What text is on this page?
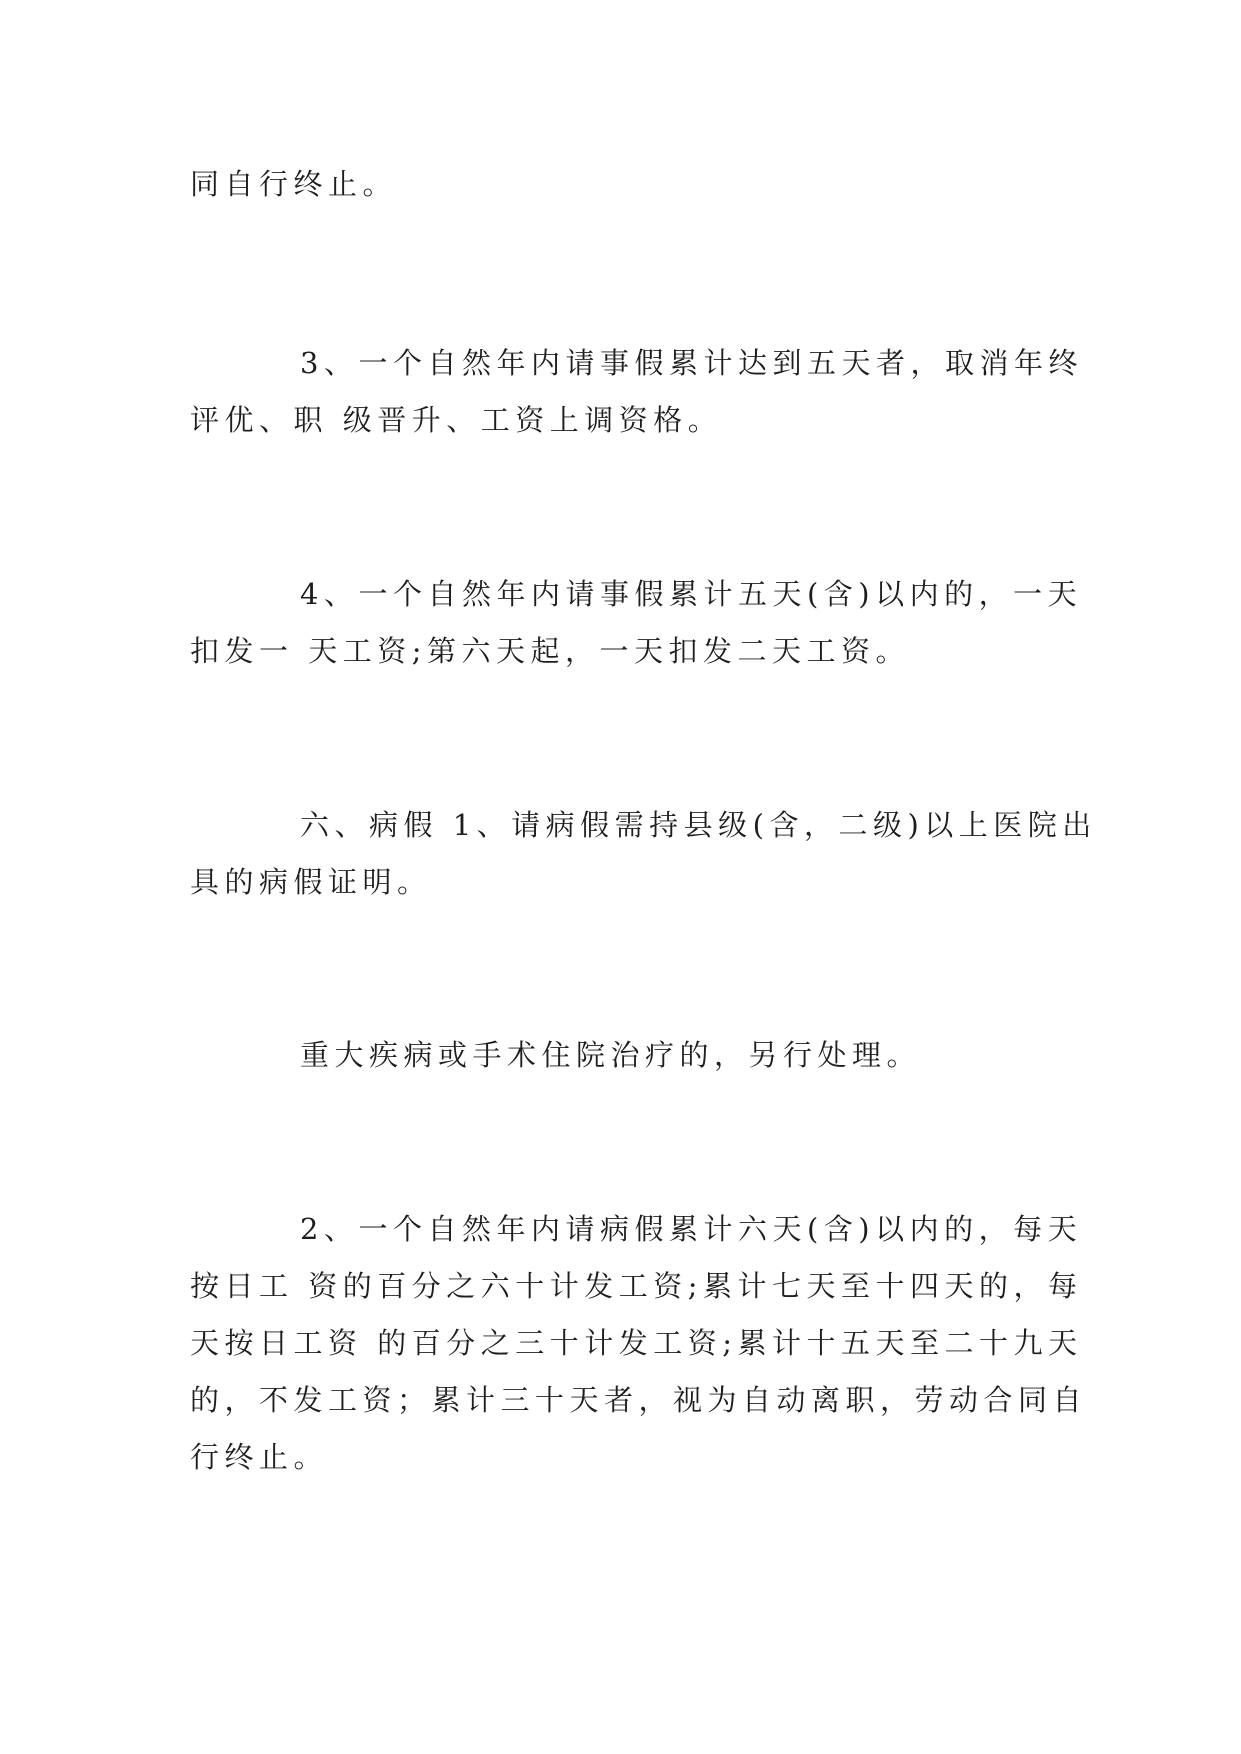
同自行终止。
3、一个自然年内请事假累计达到五天者，取消年终
评优、职 级晋升、工资上调资格。
4、一个自然年内请事假累计五天(含)以内的，一天
扣发一 天工资;第六天起，一天扣发二天工资。
六、病假 1、请病假需持县级(含，二级)以上医院出
具的病假证明。
重大疾病或手术住院治疗的，另行处理。
2、一个自然年内请病假累计六天(含)以内的，每天
按日工 资的百分之六十计发工资;累计七天至十四天的，每
天按日工资 的百分之三十计发工资;累计十五天至二十九天
的，不发工资；累计三十天者，视为自动离职，劳动合同自
行终止。
